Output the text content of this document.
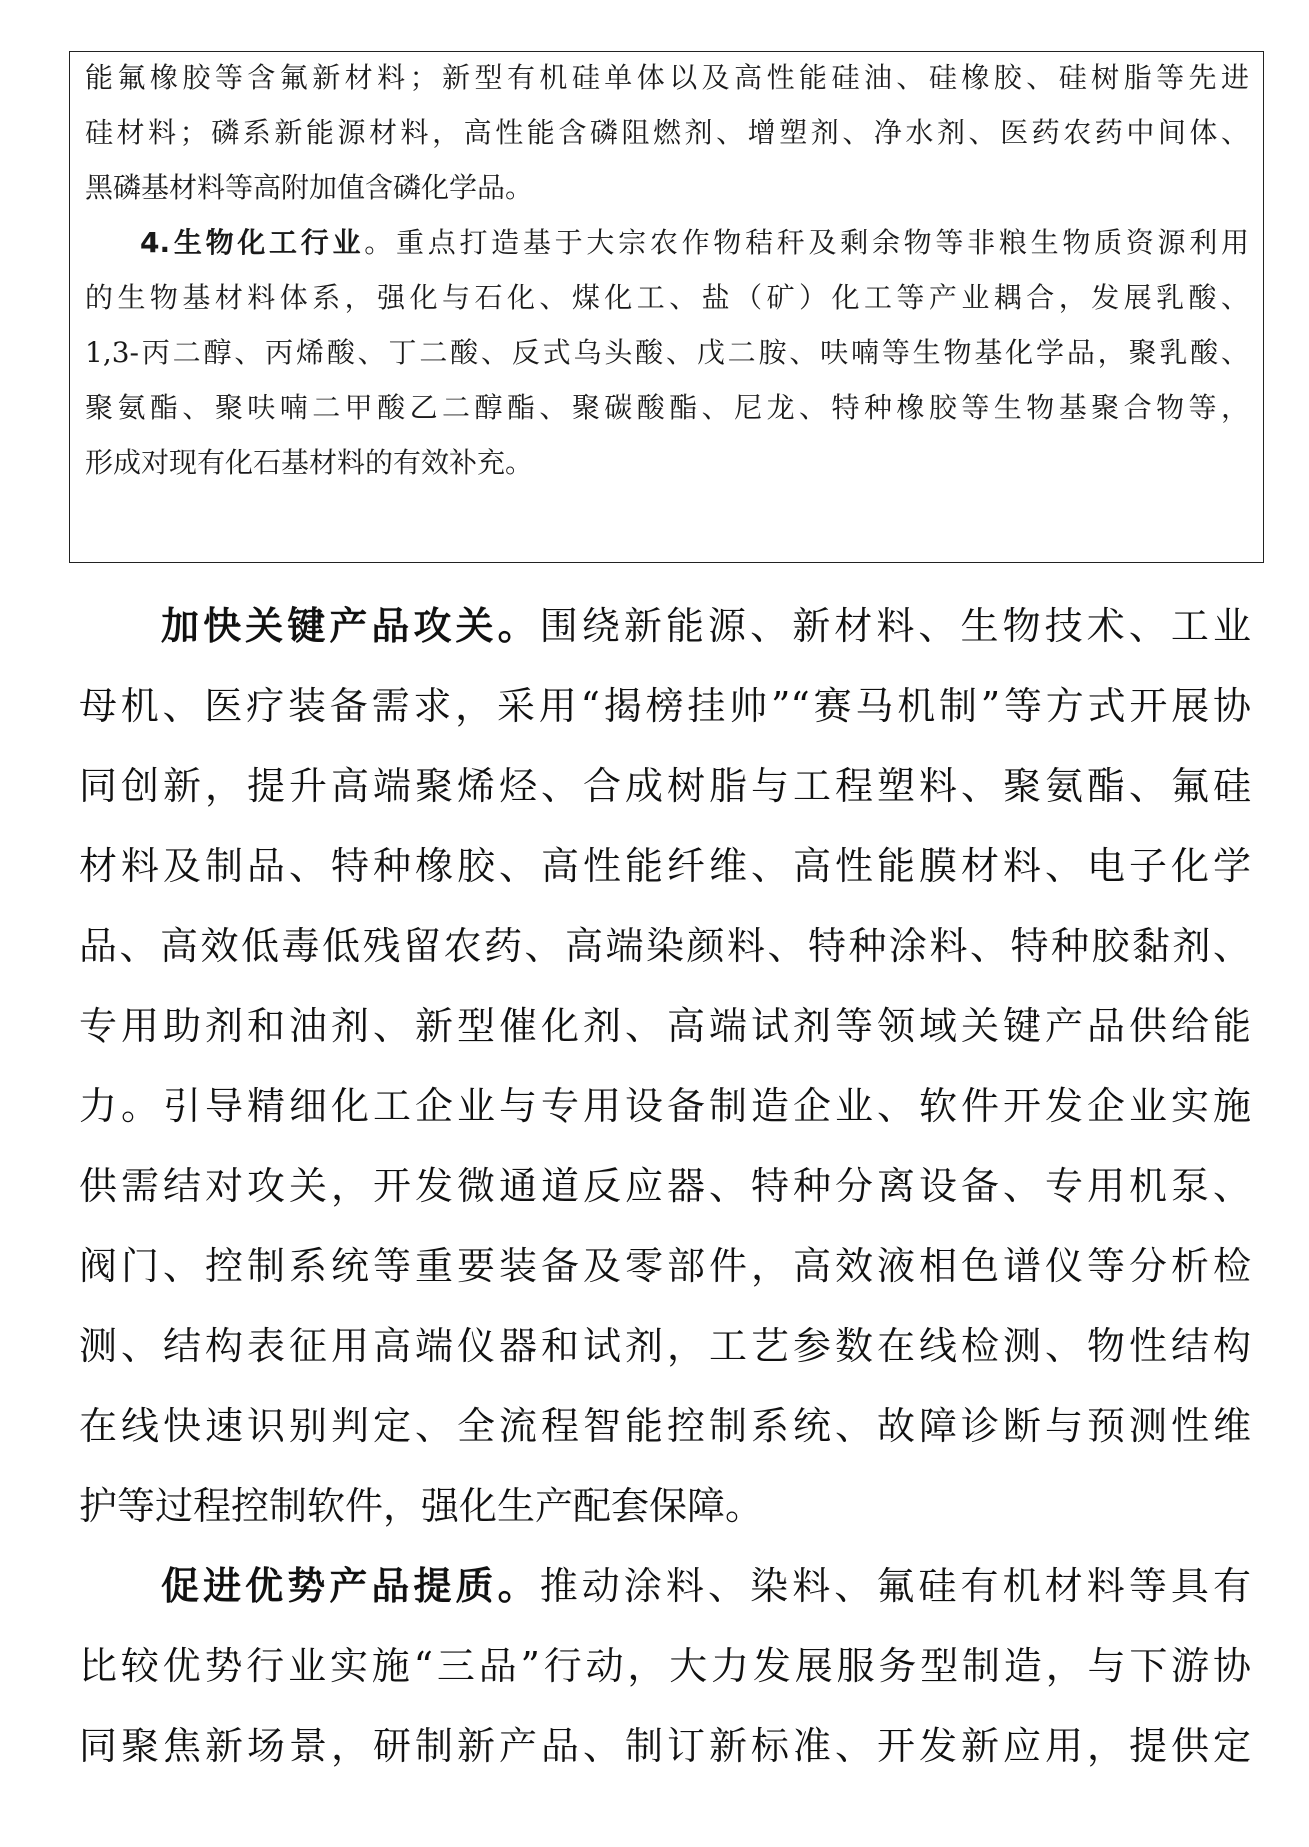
能氟橡胶等含氟新材料；新型有机硅单体以及高性能硅油、硅橡胶、硅树脂等先进
硅材料；磷系新能源材料，高性能含磷阻燃剂、增塑剂、净水剂、医药农药中间体、
黑磷基材料等高附加值含磷化学品。
4.生物化工行业。重点打造基于大宗农作物秸秆及剩余物等非粮生物质资源利用
的生物基材料体系，强化与石化、煤化工、盐（矿）化工等产业耦合，发展乳酸、
1,3-丙二醇、丙烯酸、丁二酸、反式乌头酸、戊二胺、呋喃等生物基化学品，聚乳酸、
聚氨酯、聚呋喃二甲酸乙二醇酯、聚碳酸酯、尼龙、特种橡胶等生物基聚合物等，
形成对现有化石基材料的有效补充。
加快关键产品攻关。围绕新能源、新材料、生物技术、工业
母机、医疗装备需求，采用“揭榜挂帅”“赛马机制”等方式开展协
同创新，提升高端聚烯烃、合成树脂与工程塑料、聚氨酯、氟硅
材料及制品、特种橡胶、高性能纤维、高性能膜材料、电子化学
品、高效低毒低残留农药、高端染颜料、特种涂料、特种胶黏剂、
专用助剂和油剂、新型催化剂、高端试剂等领域关键产品供给能
力。引导精细化工企业与专用设备制造企业、软件开发企业实施
供需结对攻关，开发微通道反应器、特种分离设备、专用机泵、
阀门、控制系统等重要装备及零部件，高效液相色谱仪等分析检
测、结构表征用高端仪器和试剂，工艺参数在线检测、物性结构
在线快速识别判定、全流程智能控制系统、故障诊断与预测性维
护等过程控制软件，强化生产配套保障。
促进优势产品提质。推动涂料、染料、氟硅有机材料等具有
比较优势行业实施“三品”行动，大力发展服务型制造，与下游协
同聚焦新场景，研制新产品、制订新标准、开发新应用，提供定
